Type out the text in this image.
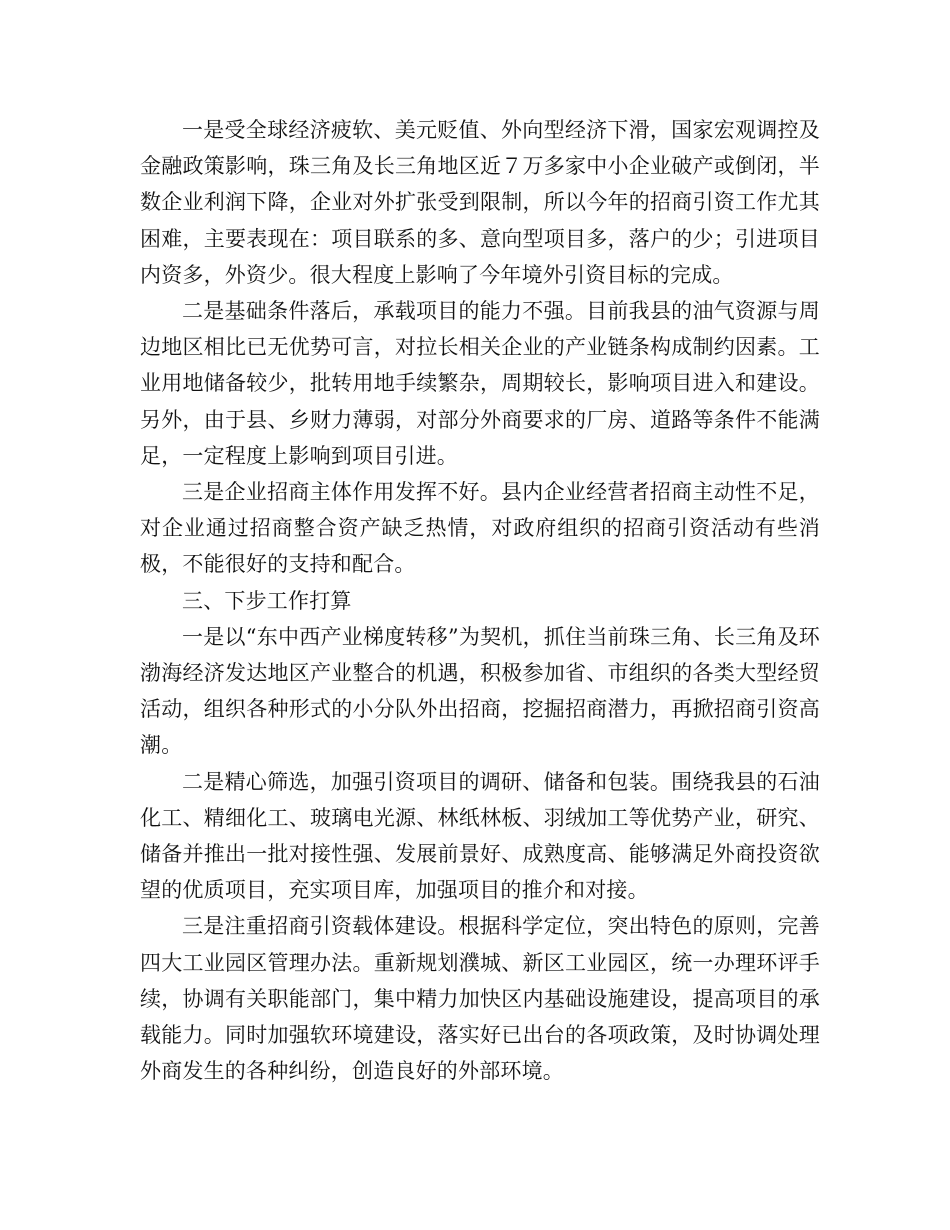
一是受全球经济疲软、美元贬值、外向型经济下滑，国家宏观调控及金融政策影响，珠三角及长三角地区近７万多家中小企业破产或倒闭，半数企业利润下降，企业对外扩张受到限制，所以今年的招商引资工作尤其困难，主要表现在：项目联系的多、意向型项目多，落户的少；引进项目内资多，外资少。很大程度上影响了今年境外引资目标的完成。

二是基础条件落后，承载项目的能力不强。目前我县的油气资源与周边地区相比已无优势可言，对拉长相关企业的产业链条构成制约因素。工业用地储备较少，批转用地手续繁杂，周期较长，影响项目进入和建设。另外，由于县、乡财力薄弱，对部分外商要求的厂房、道路等条件不能满足，一定程度上影响到项目引进。

三是企业招商主体作用发挥不好。县内企业经营者招商主动性不足，对企业通过招商整合资产缺乏热情，对政府组织的招商引资活动有些消极，不能很好的支持和配合。

三、下步工作打算

一是以“东中西产业梯度转移”为契机，抓住当前珠三角、长三角及环渤海经济发达地区产业整合的机遇，积极参加省、市组织的各类大型经贸活动，组织各种形式的小分队外出招商，挖掘招商潜力，再掀招商引资高潮。

二是精心筛选，加强引资项目的调研、储备和包装。围绕我县的石油化工、精细化工、玻璃电光源、林纸林板、羽绒加工等优势产业，研究、储备并推出一批对接性强、发展前景好、成熟度高、能够满足外商投资欲望的优质项目，充实项目库，加强项目的推介和对接。

三是注重招商引资载体建设。根据科学定位，突出特色的原则，完善四大工业园区管理办法。重新规划濮城、新区工业园区，统一办理环评手续，协调有关职能部门，集中精力加快区内基础设施建设，提高项目的承载能力。同时加强软环境建设，落实好已出台的各项政策，及时协调处理外商发生的各种纠纷，创造良好的外部环境。
